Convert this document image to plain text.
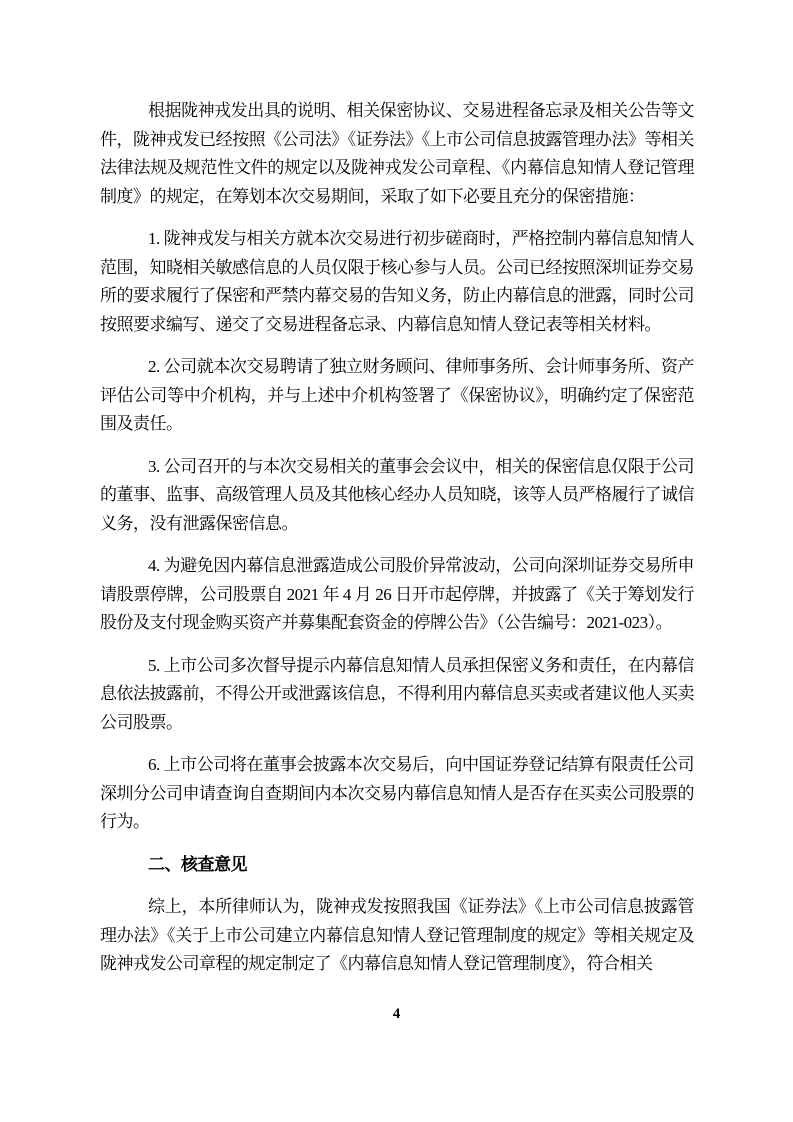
根据陇神戎发出具的说明、相关保密协议、交易进程备忘录及相关公告等文件，陇神戎发已经按照《公司法》《证券法》《上市公司信息披露管理办法》等相关法律法规及规范性文件的规定以及陇神戎发公司章程、《内幕信息知情人登记管理制度》的规定，在筹划本次交易期间，采取了如下必要且充分的保密措施：

1. 陇神戎发与相关方就本次交易进行初步磋商时，严格控制内幕信息知情人范围，知晓相关敏感信息的人员仅限于核心参与人员。公司已经按照深圳证券交易所的要求履行了保密和严禁内幕交易的告知义务，防止内幕信息的泄露，同时公司按照要求编写、递交了交易进程备忘录、内幕信息知情人登记表等相关材料。

2. 公司就本次交易聘请了独立财务顾问、律师事务所、会计师事务所、资产评估公司等中介机构，并与上述中介机构签署了《保密协议》，明确约定了保密范围及责任。

3. 公司召开的与本次交易相关的董事会会议中，相关的保密信息仅限于公司的董事、监事、高级管理人员及其他核心经办人员知晓，该等人员严格履行了诚信义务，没有泄露保密信息。

4. 为避免因内幕信息泄露造成公司股价异常波动，公司向深圳证券交易所申请股票停牌，公司股票自 2021 年 4 月 26 日开市起停牌，并披露了《关于筹划发行股份及支付现金购买资产并募集配套资金的停牌公告》（公告编号：2021-023）。

5. 上市公司多次督导提示内幕信息知情人员承担保密义务和责任，在内幕信息依法披露前，不得公开或泄露该信息，不得利用内幕信息买卖或者建议他人买卖公司股票。

6. 上市公司将在董事会披露本次交易后，向中国证券登记结算有限责任公司深圳分公司申请查询自查期间内本次交易内幕信息知情人是否存在买卖公司股票的行为。

二、核查意见

综上，本所律师认为，陇神戎发按照我国《证券法》《上市公司信息披露管理办法》《关于上市公司建立内幕信息知情人登记管理制度的规定》等相关规定及陇神戎发公司章程的规定制定了《内幕信息知情人登记管理制度》，符合相关

4
